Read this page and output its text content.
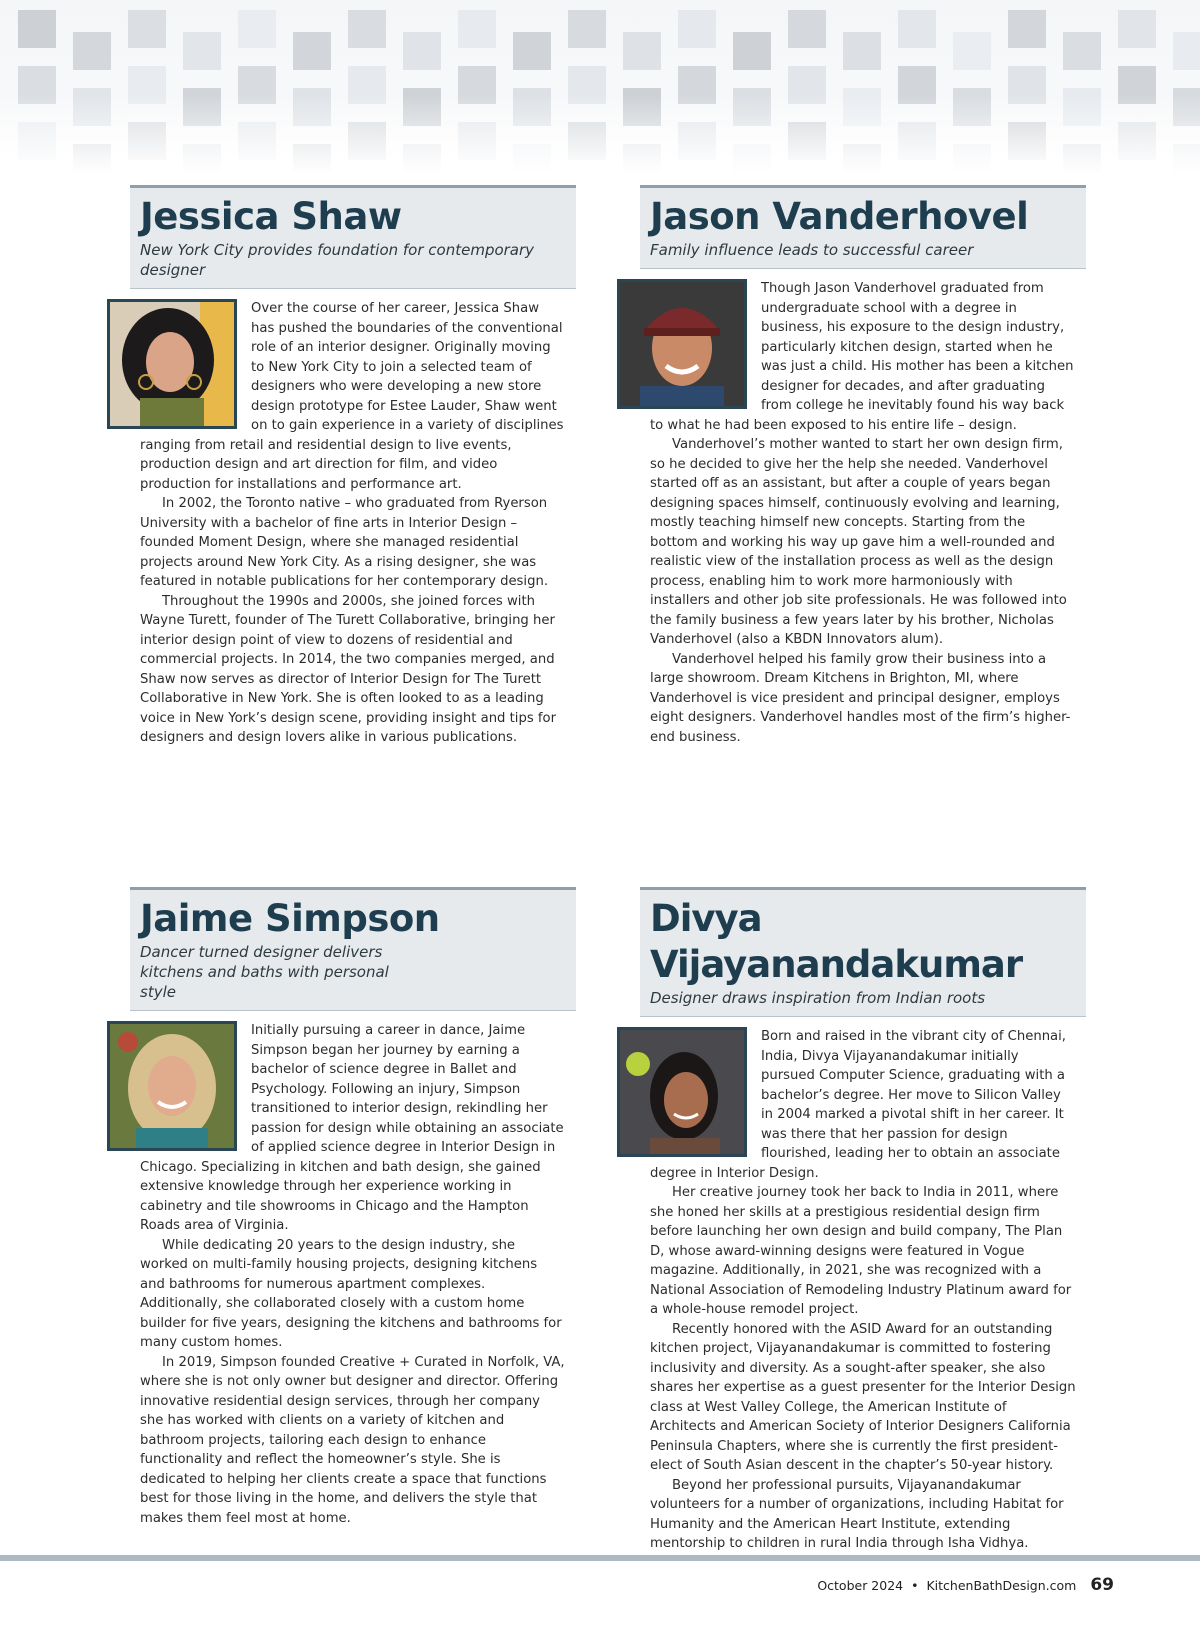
Jessica Shaw

New York City provides foundation for contemporary designer

Over the course of her career, Jessica Shaw has pushed the boundaries of the conventional role of an interior designer. Originally moving to New York City to join a selected team of designers who were developing a new store design prototype for Estee Lauder, Shaw went on to gain experience in a variety of disciplines ranging from retail and residential design to live events, production design and art direction for film, and video production for installations and performance art.

In 2002, the Toronto native – who graduated from Ryerson University with a bachelor of fine arts in Interior Design – founded Moment Design, where she managed residential projects around New York City. As a rising designer, she was featured in notable publications for her contemporary design.

Throughout the 1990s and 2000s, she joined forces with Wayne Turett, founder of The Turett Collaborative, bringing her interior design point of view to dozens of residential and commercial projects. In 2014, the two companies merged, and Shaw now serves as director of Interior Design for The Turett Collaborative in New York. She is often looked to as a leading voice in New York’s design scene, providing insight and tips for designers and design lovers alike in various publications.

Jason Vanderhovel

Family influence leads to successful career

Though Jason Vanderhovel graduated from undergraduate school with a degree in business, his exposure to the design industry, particularly kitchen design, started when he was just a child. His mother has been a kitchen designer for decades, and after graduating from college he inevitably found his way back to what he had been exposed to his entire life – design.

Vanderhovel’s mother wanted to start her own design firm, so he decided to give her the help she needed. Vanderhovel started off as an assistant, but after a couple of years began designing spaces himself, continuously evolving and learning, mostly teaching himself new concepts. Starting from the bottom and working his way up gave him a well-rounded and realistic view of the installation process as well as the design process, enabling him to work more harmoniously with installers and other job site professionals. He was followed into the family business a few years later by his brother, Nicholas Vanderhovel (also a KBDN Innovators alum).

Vanderhovel helped his family grow their business into a large showroom. Dream Kitchens in Brighton, MI, where Vanderhovel is vice president and principal designer, employs eight designers. Vanderhovel handles most of the firm’s higher-end business.

Jaime Simpson

Dancer turned designer delivers kitchens and baths with personal style

Initially pursuing a career in dance, Jaime Simpson began her journey by earning a bachelor of science degree in Ballet and Psychology. Following an injury, Simpson transitioned to interior design, rekindling her passion for design while obtaining an associate of applied science degree in Interior Design in Chicago. Specializing in kitchen and bath design, she gained extensive knowledge through her experience working in cabinetry and tile showrooms in Chicago and the Hampton Roads area of Virginia.

While dedicating 20 years to the design industry, she worked on multi-family housing projects, designing kitchens and bathrooms for numerous apartment complexes. Additionally, she collaborated closely with a custom home builder for five years, designing the kitchens and bathrooms for many custom homes.

In 2019, Simpson founded Creative + Curated in Norfolk, VA, where she is not only owner but designer and director. Offering innovative residential design services, through her company she has worked with clients on a variety of kitchen and bathroom projects, tailoring each design to enhance functionality and reflect the homeowner’s style. She is dedicated to helping her clients create a space that functions best for those living in the home, and delivers the style that makes them feel most at home.

Divya Vijayanandakumar

Designer draws inspiration from Indian roots

Born and raised in the vibrant city of Chennai, India, Divya Vijayanandakumar initially pursued Computer Science, graduating with a bachelor’s degree. Her move to Silicon Valley in 2004 marked a pivotal shift in her career. It was there that her passion for design flourished, leading her to obtain an associate degree in Interior Design.

Her creative journey took her back to India in 2011, where she honed her skills at a prestigious residential design firm before launching her own design and build company, The Plan D, whose award-winning designs were featured in Vogue magazine. Additionally, in 2021, she was recognized with a National Association of Remodeling Industry Platinum award for a whole-house remodel project.

Recently honored with the ASID Award for an outstanding kitchen project, Vijayanandakumar is committed to fostering inclusivity and diversity. As a sought-after speaker, she also shares her expertise as a guest presenter for the Interior Design class at West Valley College, the American Institute of Architects and American Society of Interior Designers California Peninsula Chapters, where she is currently the first president-elect of South Asian descent in the chapter’s 50-year history.

Beyond her professional pursuits, Vijayanandakumar volunteers for a number of organizations, including Habitat for Humanity and the American Heart Institute, extending mentorship to children in rural India through Isha Vidhya.

October 2024 • KitchenBathDesign.com 69
